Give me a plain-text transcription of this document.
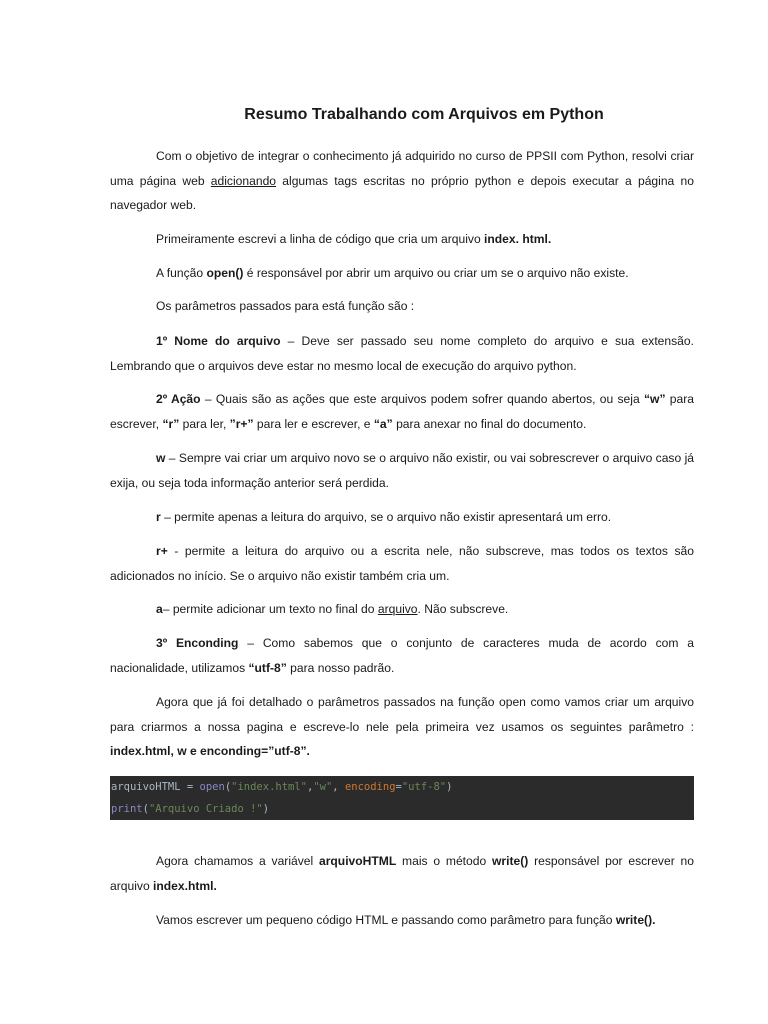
Resumo Trabalhando com Arquivos em Python

Com o objetivo de integrar o conhecimento já adquirido no curso de PPSII com Python, resolvi criar uma página web adicionando algumas tags escritas no próprio python e depois executar a página no navegador web.

Primeiramente escrevi a linha de código que cria um arquivo index. html.

A função open() é responsável por abrir um arquivo ou criar um se o arquivo não existe.

Os parâmetros passados para está função são :

1º Nome do arquivo – Deve ser passado seu nome completo do arquivo e sua extensão. Lembrando que o arquivos deve estar no mesmo local de execução do arquivo python.

2º Ação – Quais são as ações que este arquivos podem sofrer quando abertos, ou seja “w” para escrever, “r” para ler, ”r+” para ler e escrever, e “a” para anexar no final do documento.

w – Sempre vai criar um arquivo novo se o arquivo não existir, ou vai sobrescrever o arquivo caso já exija, ou seja toda informação anterior será perdida.

r – permite apenas a leitura do arquivo, se o arquivo não existir apresentará um erro.

r+ - permite a leitura do arquivo ou a escrita nele, não subscreve, mas todos os textos são adicionados no início. Se o arquivo não existir também cria um.

a– permite adicionar um texto no final do arquivo. Não subscreve.

3º Enconding – Como sabemos que o conjunto de caracteres muda de acordo com a nacionalidade, utilizamos “utf-8” para nosso padrão.

Agora que já foi detalhado o parâmetros passados na função open como vamos criar um arquivo para criarmos a nossa pagina e escreve-lo nele pela primeira vez usamos os seguintes parâmetro : index.html, w e enconding=”utf-8”.

arquivoHTML = open("index.html","w", encoding="utf-8")
print("Arquivo Criado !")

Agora chamamos a variável arquivoHTML mais o método write() responsável por escrever no arquivo index.html.

Vamos escrever um pequeno código HTML e passando como parâmetro para função write().
